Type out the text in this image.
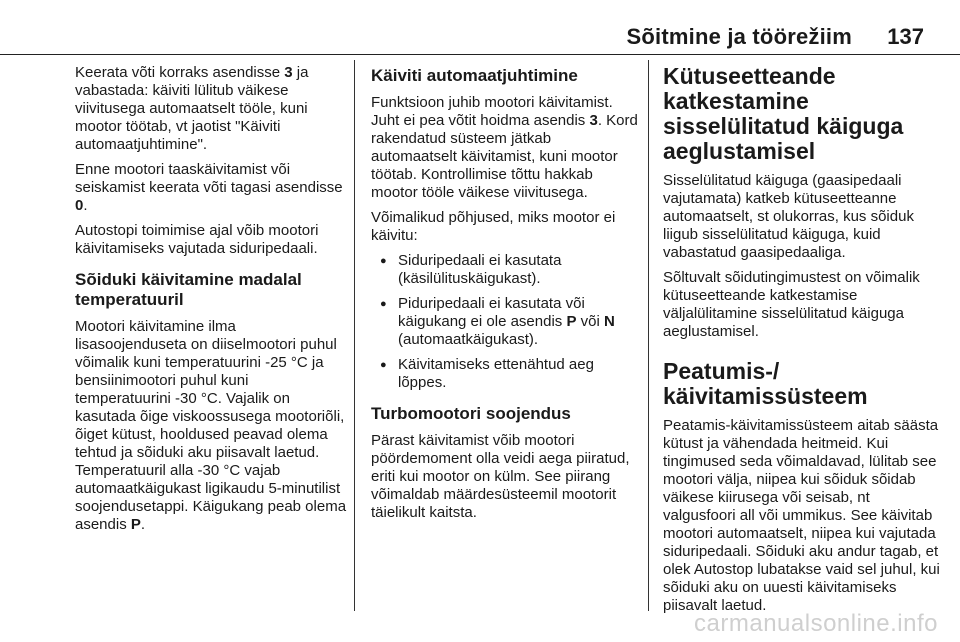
Sõitmine ja töörežiim 137

Keerata võti korraks asendisse 3 ja vabastada: käiviti lülitub väikese viivitusega automaatselt tööle, kuni mootor töötab, vt jaotist "Käiviti automaatjuhtimine".

Enne mootori taaskäivitamist või seiskamist keerata võti tagasi asendisse 0.

Autostopi toimimise ajal võib mootori käivitamiseks vajutada siduripedaali.

Sõiduki käivitamine madalal temperatuuril

Mootori käivitamine ilma lisasoojenduseta on diiselmootori puhul võimalik kuni temperatuurini -25 °C ja bensiinimootori puhul kuni temperatuurini -30 °C. Vajalik on kasutada õige viskoossusega mootoriõli, õiget kütust, hooldused peavad olema tehtud ja sõiduki aku piisavalt laetud. Temperatuuril alla -30 °C vajab automaatkäigukast ligikaudu 5-minutilist soojendusetappi. Käigukang peab olema asendis P.

Käiviti automaatjuhtimine

Funktsioon juhib mootori käivitamist. Juht ei pea võtit hoidma asendis 3. Kord rakendatud süsteem jätkab automaatselt käivitamist, kuni mootor töötab. Kontrollimise tõttu hakkab mootor tööle väikese viivitusega.

Võimalikud põhjused, miks mootor ei käivitu:

● Siduripedaali ei kasutata (käsilülituskäigukast).
● Piduripedaali ei kasutata või käigukang ei ole asendis P või N (automaatkäigukast).
● Käivitamiseks ettenähtud aeg lõppes.
Turbomootori soojendus

Pärast käivitamist võib mootori pöördemoment olla veidi aega piiratud, eriti kui mootor on külm. See piirang võimaldab määrdesüsteemil mootorit täielikult kaitsta.

Kütuseetteande katkestamine sisselülitatud käiguga aeglustamisel

Sisselülitatud käiguga (gaasipedaali vajutamata) katkeb kütuseetteanne automaatselt, st olukorras, kus sõiduk liigub sisselülitatud käiguga, kuid vabastatud gaasipedaaliga.

Sõltuvalt sõidutingimustest on võimalik kütuseetteande katkestamise väljalülitamine sisselülitatud käiguga aeglustamisel.

Peatumis-/ käivitamissüsteem

Peatamis-käivitamissüsteem aitab säästa kütust ja vähendada heitmeid. Kui tingimused seda võimaldavad, lülitab see mootori välja, niipea kui sõiduk sõidab väikese kiirusega või seisab, nt valgusfoori all või ummikus. See käivitab mootori automaatselt, niipea kui vajutada siduripedaali. Sõiduki aku andur tagab, et olek Autostop lubatakse vaid sel juhul, kui sõiduki aku on uuesti käivitamiseks piisavalt laetud.

carmanualsonline.info
